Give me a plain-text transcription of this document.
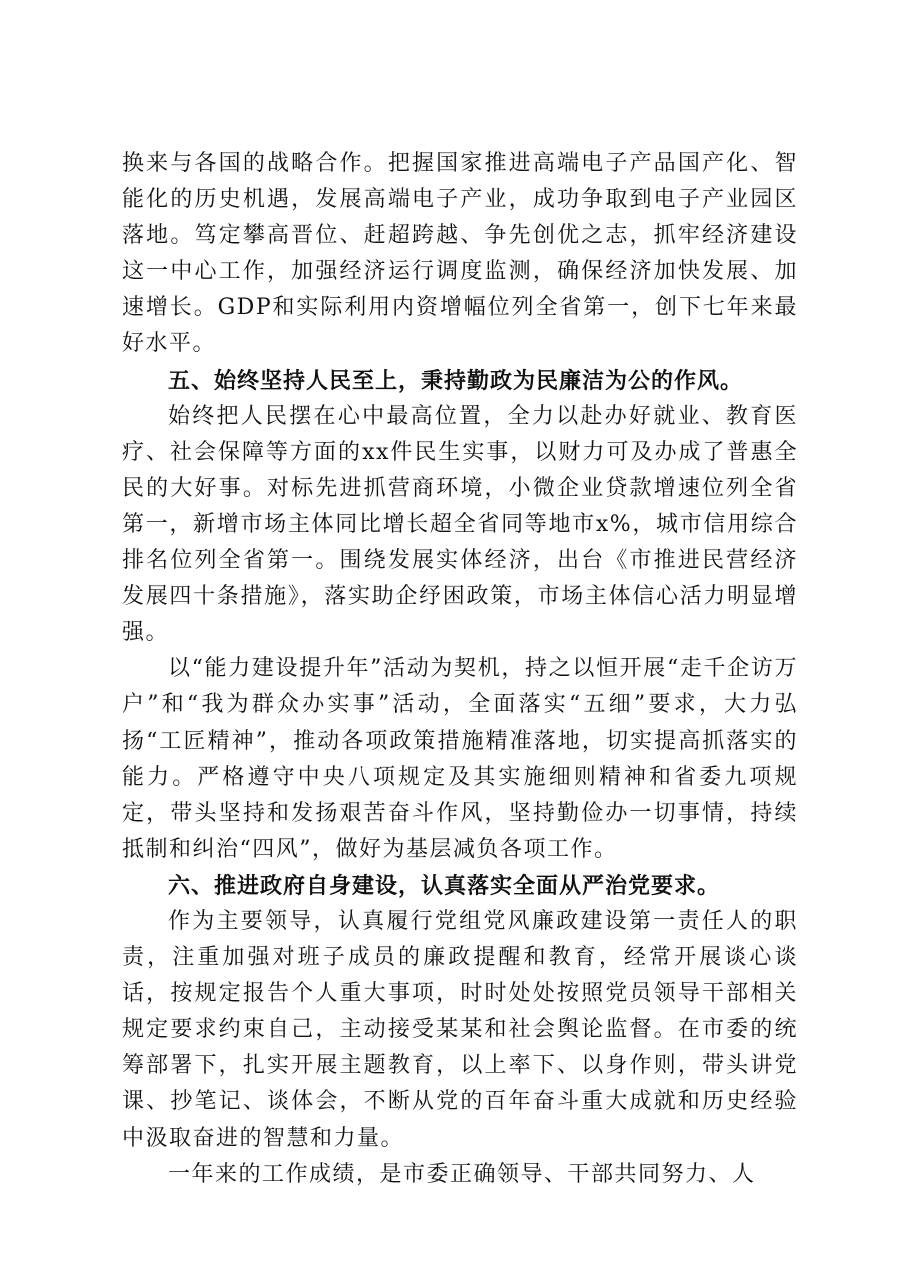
换来与各国的战略合作。把握国家推进高端电子产品国产化、智能化的历史机遇，发展高端电子产业，成功争取到电子产业园区落地。笃定攀高晋位、赶超跨越、争先创优之志，抓牢经济建设这一中心工作，加强经济运行调度监测，确保经济加快发展、加速增长。GDP和实际利用内资增幅位列全省第一，创下七年来最好水平。

五、始终坚持人民至上，秉持勤政为民廉洁为公的作风。

始终把人民摆在心中最高位置，全力以赴办好就业、教育医疗、社会保障等方面的xx件民生实事，以财力可及办成了普惠全民的大好事。对标先进抓营商环境，小微企业贷款增速位列全省第一，新增市场主体同比增长超全省同等地市x%，城市信用综合排名位列全省第一。围绕发展实体经济，出台《市推进民营经济发展四十条措施》，落实助企纾困政策，市场主体信心活力明显增强。

以“能力建设提升年”活动为契机，持之以恒开展“走千企访万户”和“我为群众办实事”活动，全面落实“五细”要求，大力弘扬“工匠精神”，推动各项政策措施精准落地，切实提高抓落实的能力。严格遵守中央八项规定及其实施细则精神和省委九项规定，带头坚持和发扬艰苦奋斗作风，坚持勤俭办一切事情，持续抵制和纠治“四风”，做好为基层减负各项工作。

六、推进政府自身建设，认真落实全面从严治党要求。

作为主要领导，认真履行党组党风廉政建设第一责任人的职责，注重加强对班子成员的廉政提醒和教育，经常开展谈心谈话，按规定报告个人重大事项，时时处处按照党员领导干部相关规定要求约束自己，主动接受某某和社会舆论监督。在市委的统筹部署下，扎实开展主题教育，以上率下、以身作则，带头讲党课、抄笔记、谈体会，不断从党的百年奋斗重大成就和历史经验中汲取奋进的智慧和力量。

一年来的工作成绩，是市委正确领导、干部共同努力、人
